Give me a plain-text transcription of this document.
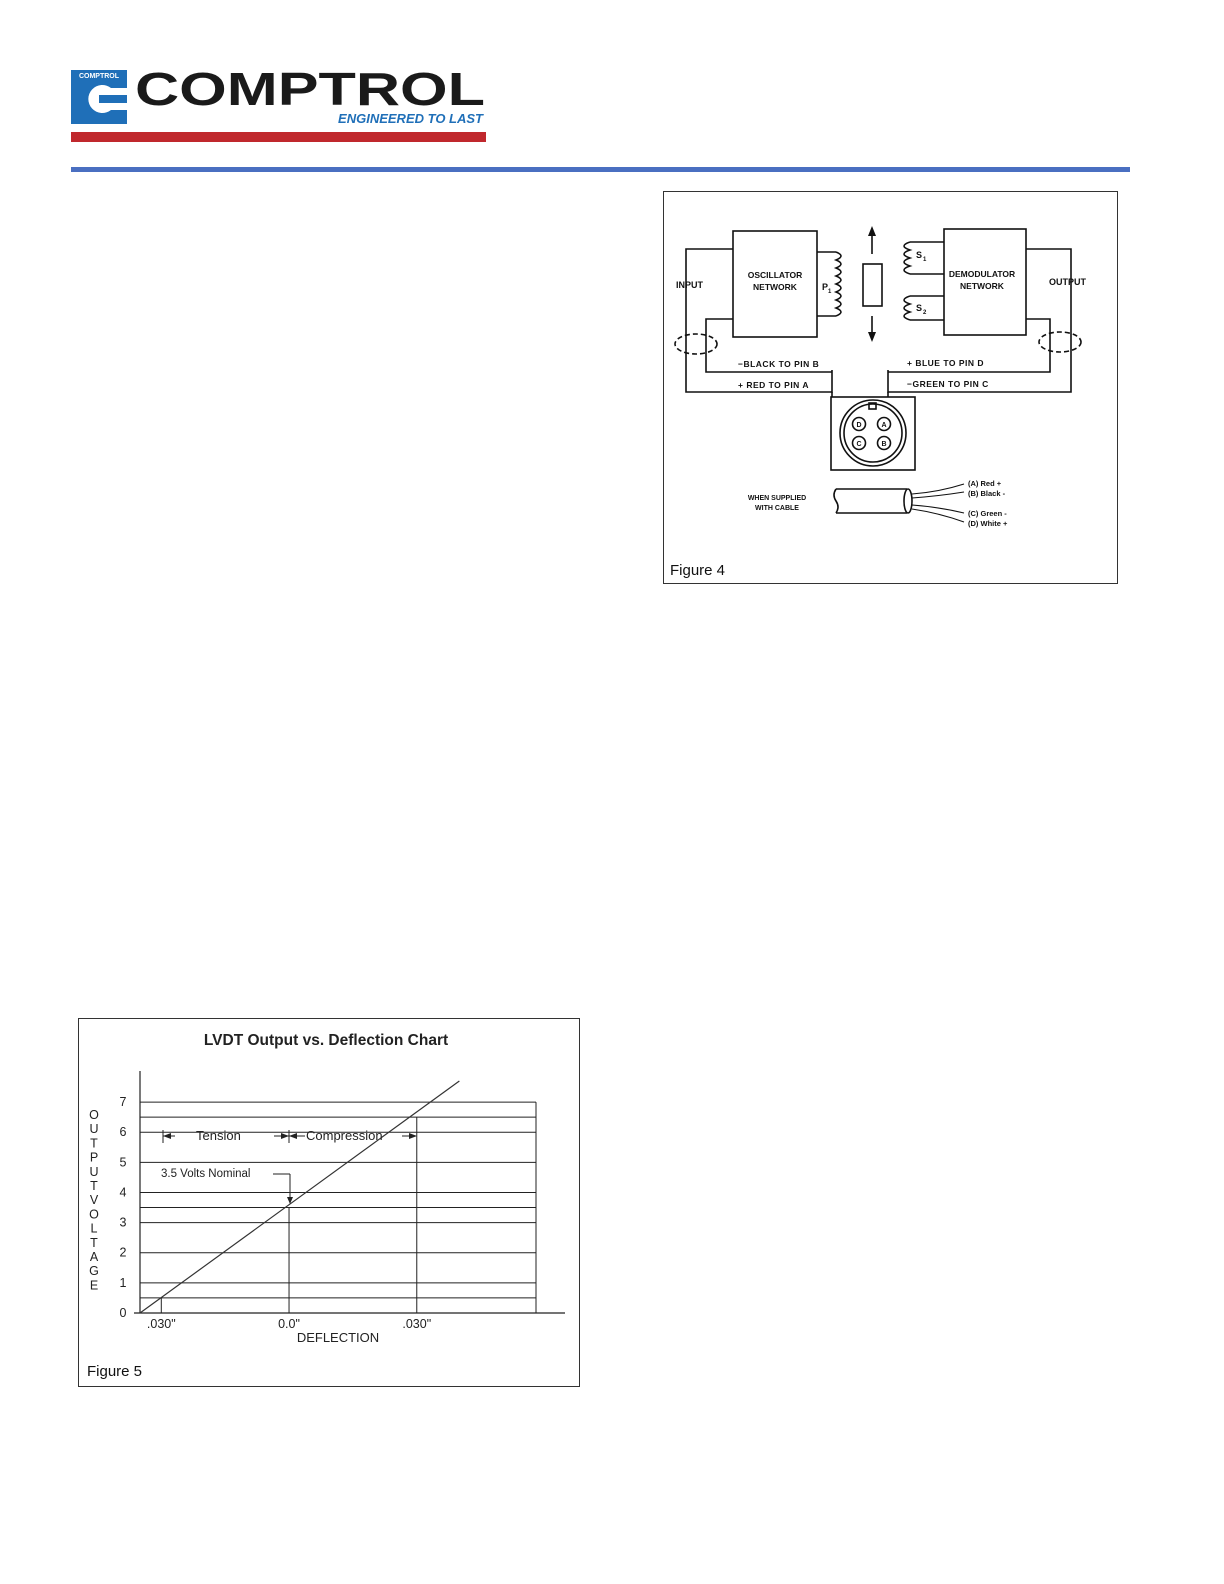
COMPTROL COMPTROL
ENGINEERED TO LAST
INPUT	OUTPUT
OSCILLATOR
NETWORK
DEMODULATOR
NETWORK
P 1
S 1
S 2
−BLACK TO PIN B
+ RED TO PIN A
+ BLUE TO PIN D
−GREEN TO PIN C
A
B
C
D
WHEN SUPPLIED
WITH CABLE
(A) Red +
(B) Black -
(C) Green -
(D) White +
Figure 4
LVDT Output vs. Deflection Chart
O
U
T
P
U
T
V
O
L
T
A
G
E
0
1
2
3
4
5
6
7
.030"	0.0"	.030"
DEFLECTION
Tension	Compression
3.5 Volts Nominal
Figure 5
